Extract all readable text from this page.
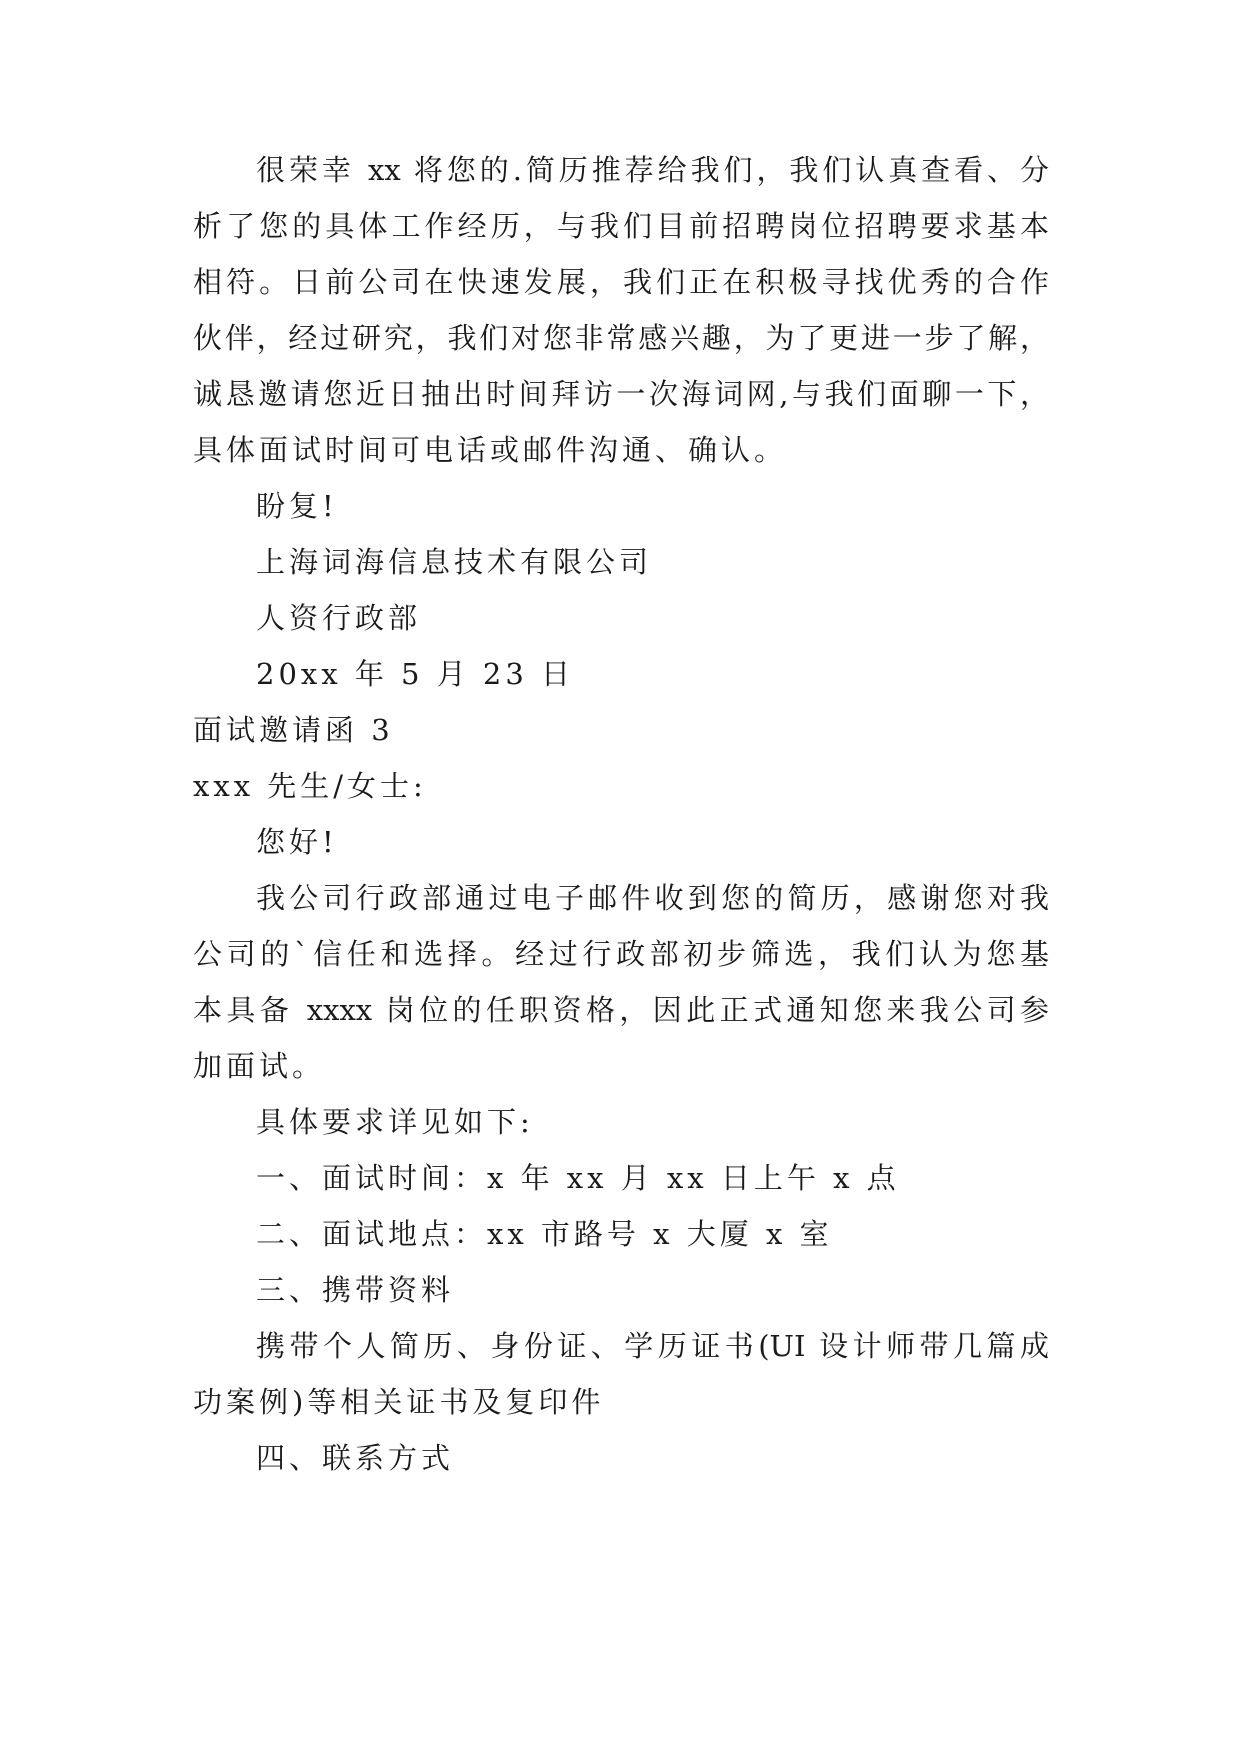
很荣幸 xx 将您的.简历推荐给我们，我们认真查看、分
析了您的具体工作经历，与我们目前招聘岗位招聘要求基本
相符。日前公司在快速发展，我们正在积极寻找优秀的合作
伙伴，经过研究，我们对您非常感兴趣，为了更进一步了解，
诚恳邀请您近日抽出时间拜访一次海词网,与我们面聊一下，
具体面试时间可电话或邮件沟通、确认。
盼复!
上海词海信息技术有限公司
人资行政部
20xx 年 5 月 23 日
面试邀请函 3
xxx 先生/女士:
您好!
我公司行政部通过电子邮件收到您的简历，感谢您对我
公司的`信任和选择。经过行政部初步筛选，我们认为您基
本具备 xxxx 岗位的任职资格，因此正式通知您来我公司参
加面试。
具体要求详见如下:
一、面试时间：x 年 xx 月 xx 日上午 x 点
二、面试地点：xx 市路号 x 大厦 x 室
三、携带资料
携带个人简历、身份证、学历证书(UI 设计师带几篇成
功案例)等相关证书及复印件
四、联系方式
